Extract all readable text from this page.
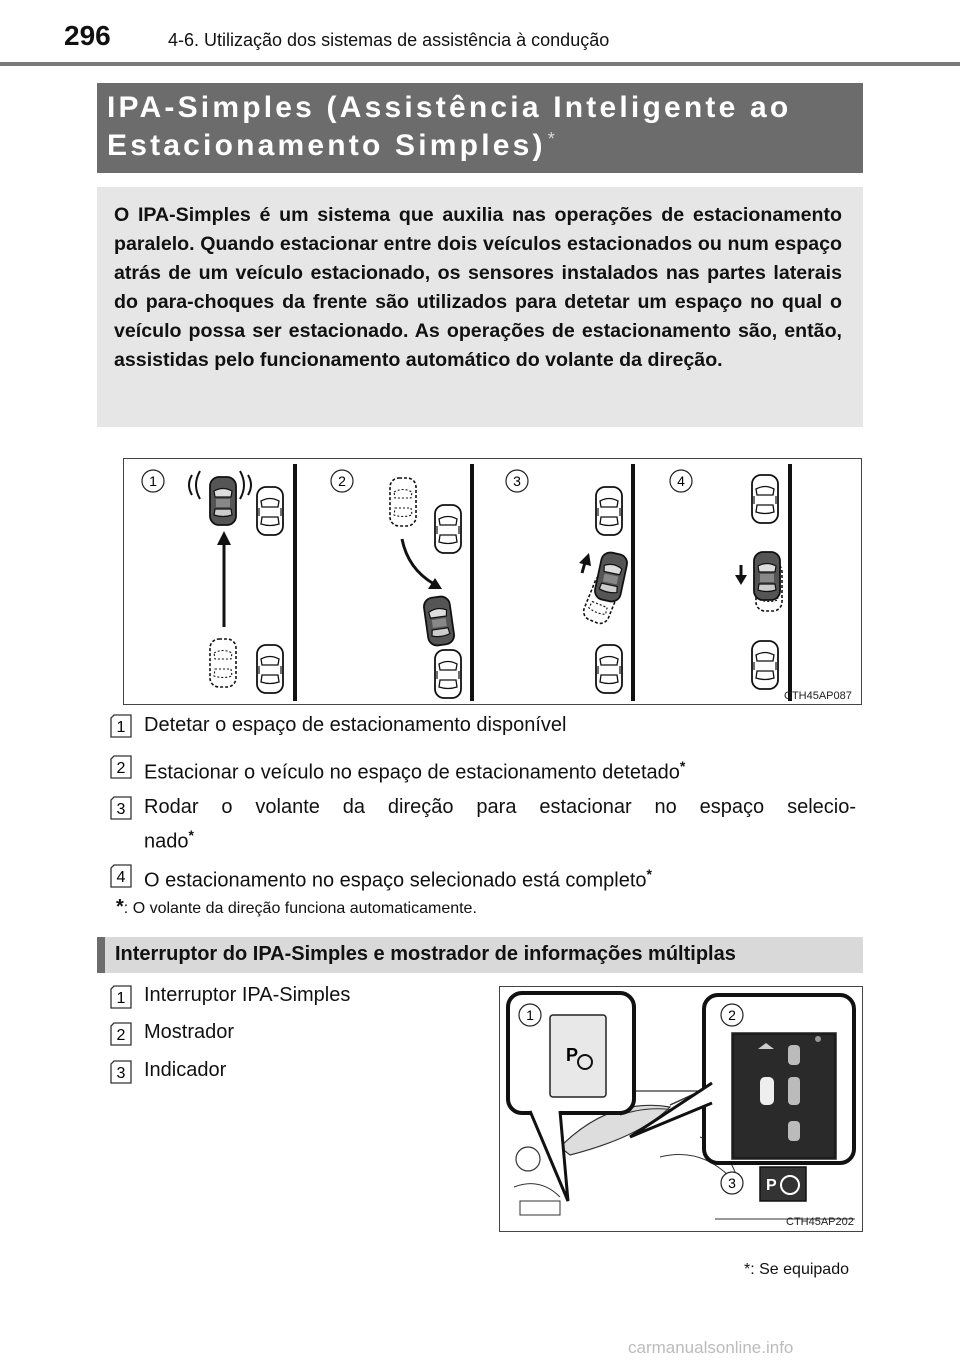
296	4-6. Utilização dos sistemas de assistência à condução
IPA-Simples (Assistência Inteligente ao
Estacionamento Simples) *
O IPA-Simples é um sistema que auxilia nas operações de estacionamento paralelo. Quando estacionar entre dois veículos estacionados ou num espaço atrás de um veículo estacionado, os sensores instalados nas partes laterais do para-choques da frente são utilizados para detetar um espaço no qual o veículo possa ser estacionado. As operações de estacionamento são, então, assistidas pelo funcionamento automático do volante da direção.
1	2	3	4
CTH45AP087
1 Detetar o espaço de estacionamento disponível
2 Estacionar o veículo no espaço de estacionamento detetado*
3 Rodar o volante da direção para estacionar no espaço selecio-
nado*
4 O estacionamento no espaço selecionado está completo*
*: O volante da direção funciona automaticamente.
Interruptor do IPA-Simples e mostrador de informações múltiplas
1 Interruptor IPA-Simples
2 Mostrador
3 Indicador
P
P
1	2
3
CTH45AP202
*: Se equipado
carmanualsonline.info
